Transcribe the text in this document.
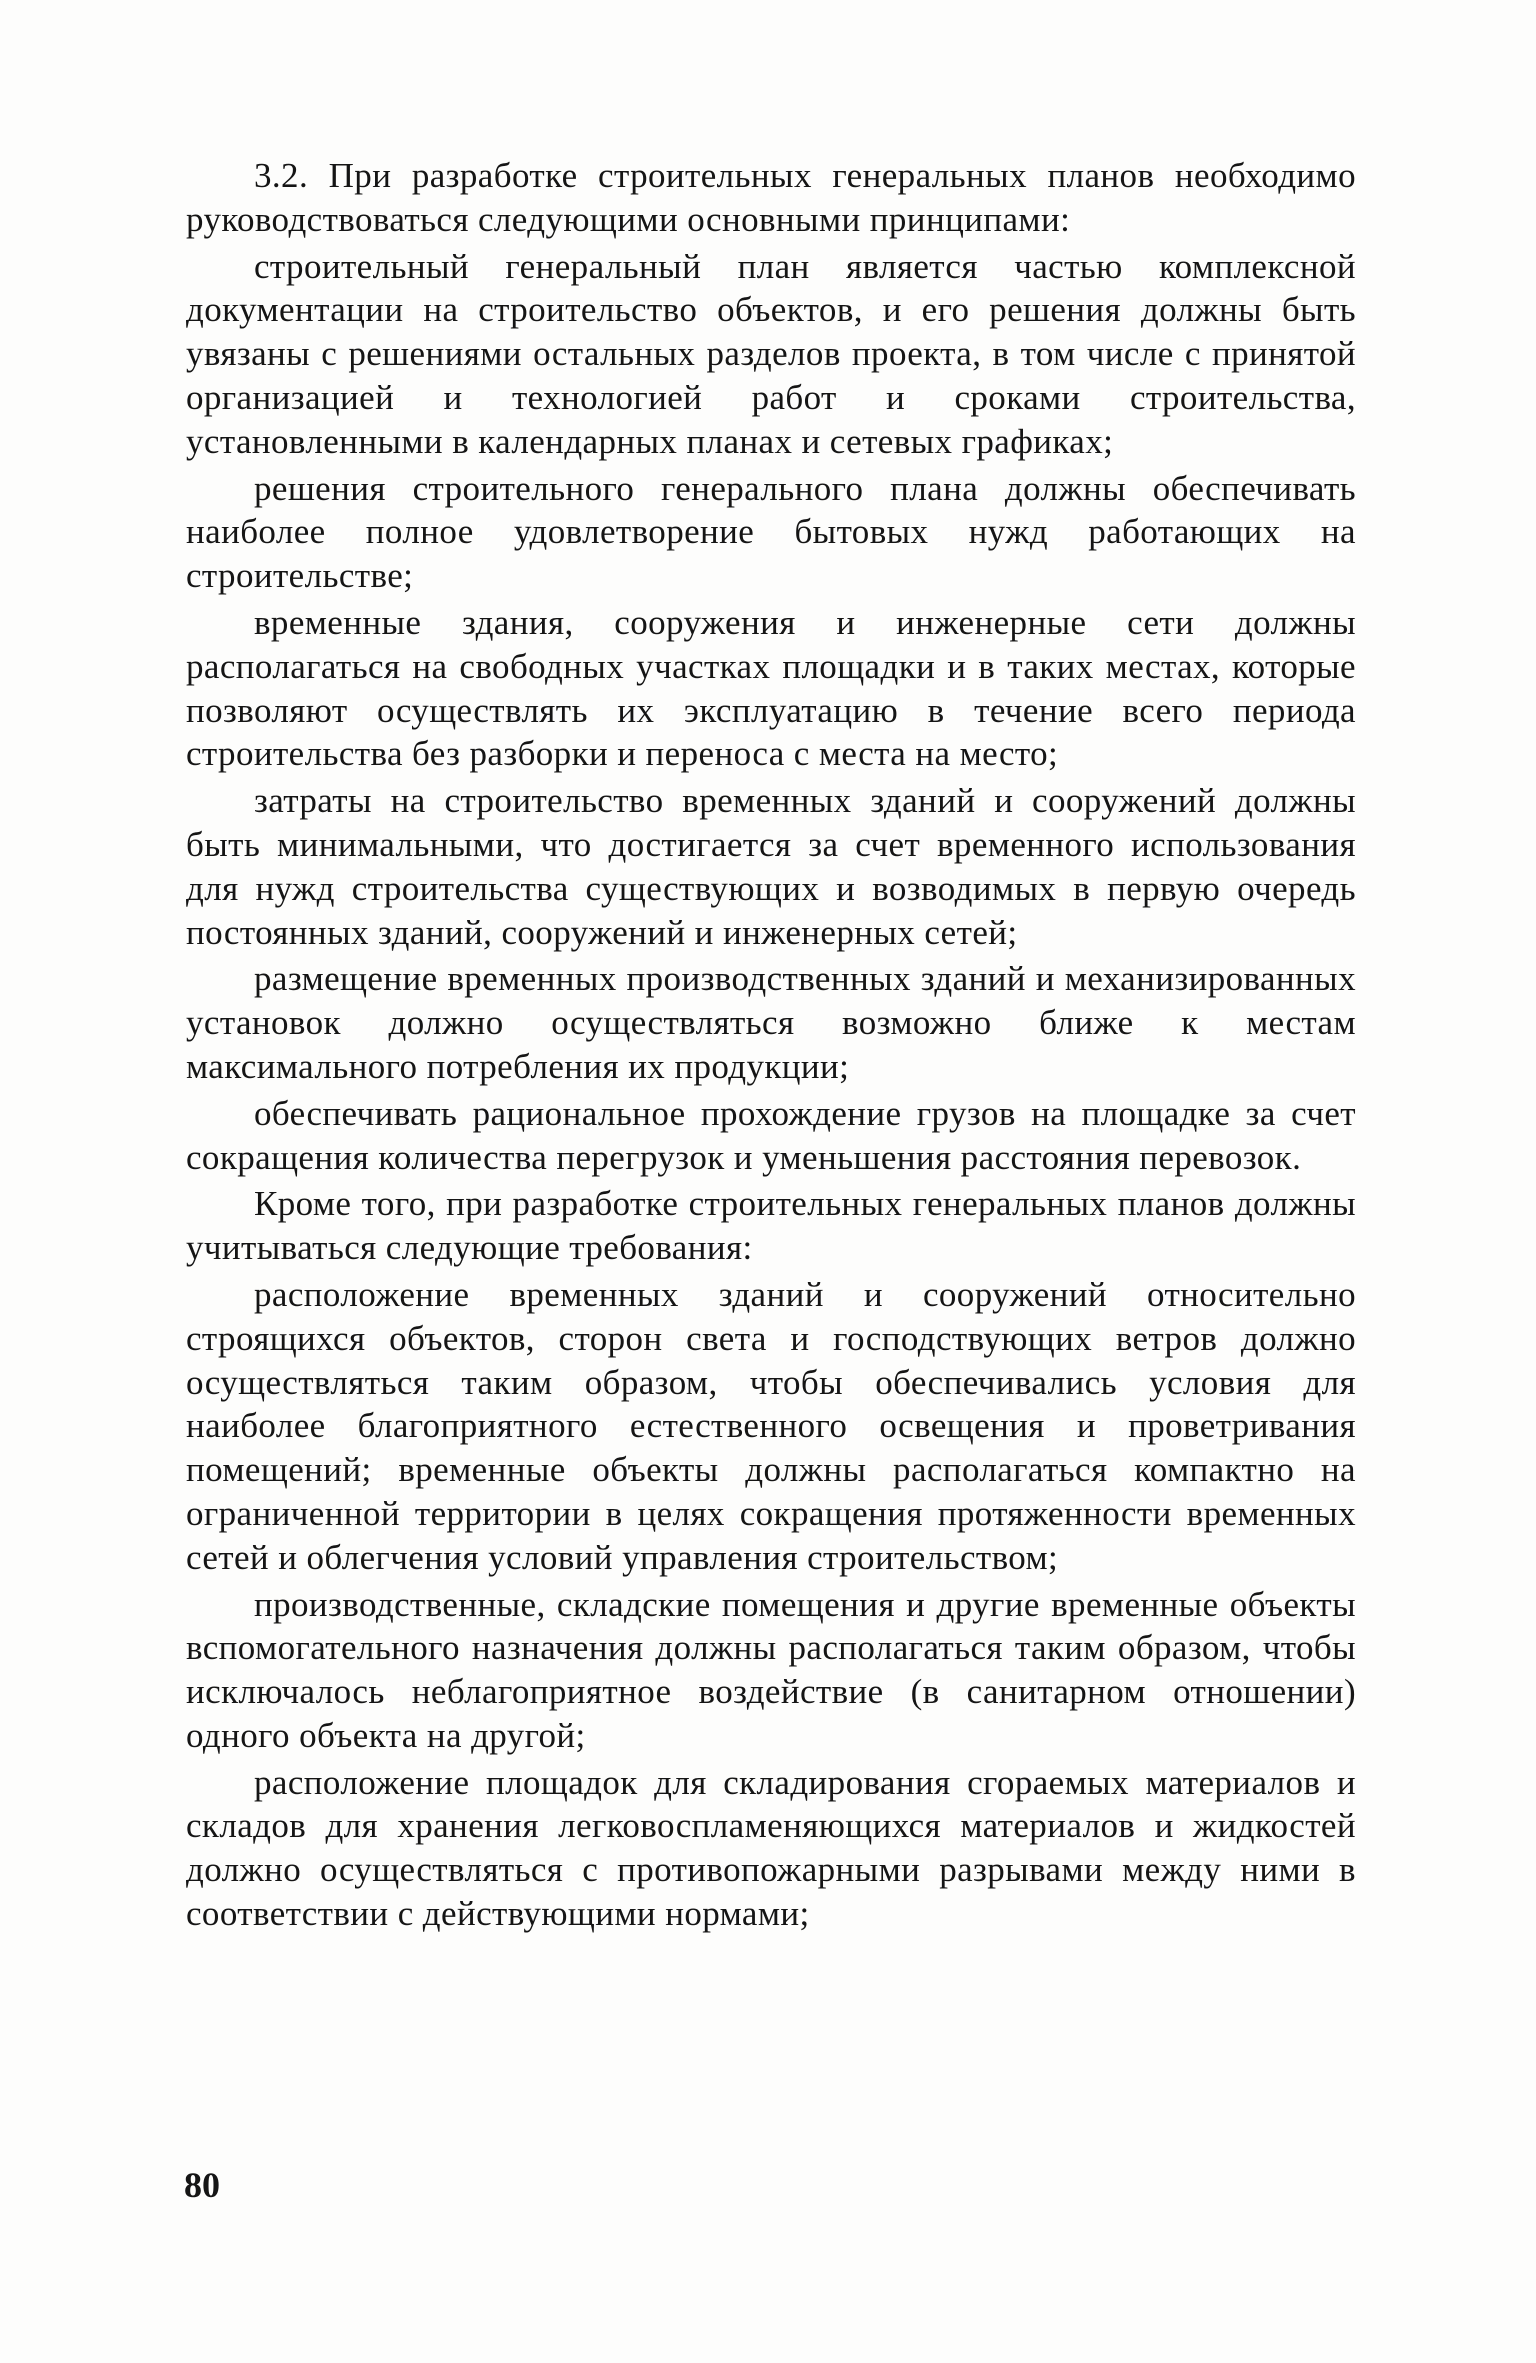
3.2. При разработке строительных генеральных планов необходимо руководствоваться следующими основными принципами:

строительный генеральный план является частью комплексной документации на строительство объектов, и его решения должны быть увязаны с решениями остальных разделов проекта, в том числе с принятой организацией и технологией работ и сроками строительства, установленными в календарных планах и сетевых графиках;

решения строительного генерального плана должны обеспечивать наиболее полное удовлетворение бытовых нужд работающих на строительстве;

временные здания, сооружения и инженерные сети должны располагаться на свободных участках площадки и в таких местах, которые позволяют осуществлять их эксплуатацию в течение всего периода строительства без разборки и переноса с места на место;

затраты на строительство временных зданий и сооружений должны быть минимальными, что достигается за счет временного использования для нужд строительства существующих и возводимых в первую очередь постоянных зданий, сооружений и инженерных сетей;

размещение временных производственных зданий и механизированных установок должно осуществляться возможно ближе к местам максимального потребления их продукции;

обеспечивать рациональное прохождение грузов на площадке за счет сокращения количества перегрузок и уменьшения расстояния перевозок.

Кроме того, при разработке строительных генеральных планов должны учитываться следующие требования:

расположение временных зданий и сооружений относительно строящихся объектов, сторон света и господствующих ветров должно осуществляться таким образом, чтобы обеспечивались условия для наиболее благоприятного естественного освещения и проветривания помещений; временные объекты должны располагаться компактно на ограниченной территории в целях сокращения протяженности временных сетей и облегчения условий управления строительством;

производственные, складские помещения и другие временные объекты вспомогательного назначения должны располагаться таким образом, чтобы исключалось неблагоприятное воздействие (в санитарном отношении) одного объекта на другой;

расположение площадок для складирования сгораемых материалов и складов для хранения легковоспламеняющихся материалов и жидкостей должно осуществляться с противопожарными разрывами между ними в соответствии с действующими нормами;

80
